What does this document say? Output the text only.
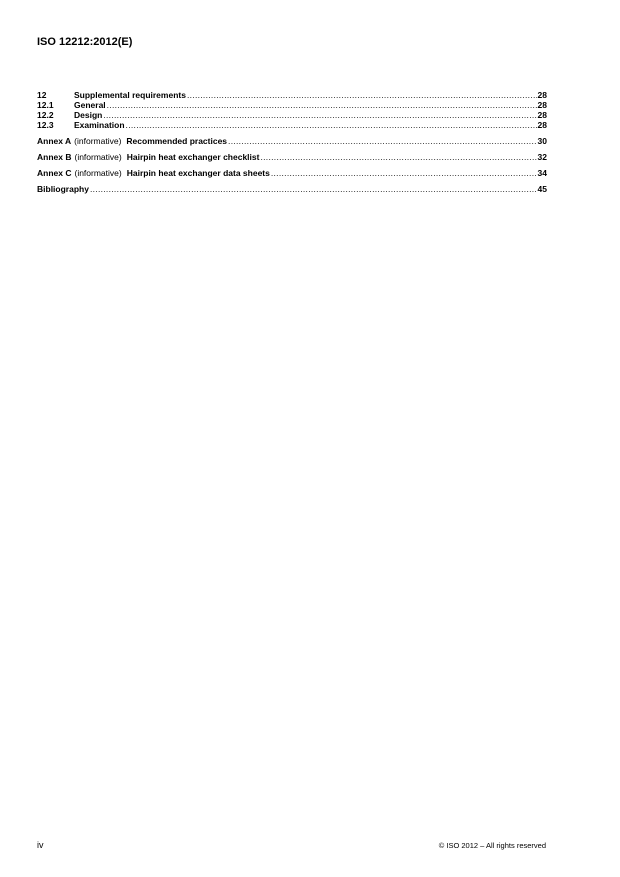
ISO 12212:2012(E)
12	Supplemental requirements .....	28
12.1	General .....	28
12.2	Design .....	28
12.3	Examination .....	28
Annex A (informative) Recommended practices .....	30
Annex B (informative) Hairpin heat exchanger checklist .....	32
Annex C (informative) Hairpin heat exchanger data sheets .....	34
Bibliography .....	45
iv	© ISO 2012 – All rights reserved
